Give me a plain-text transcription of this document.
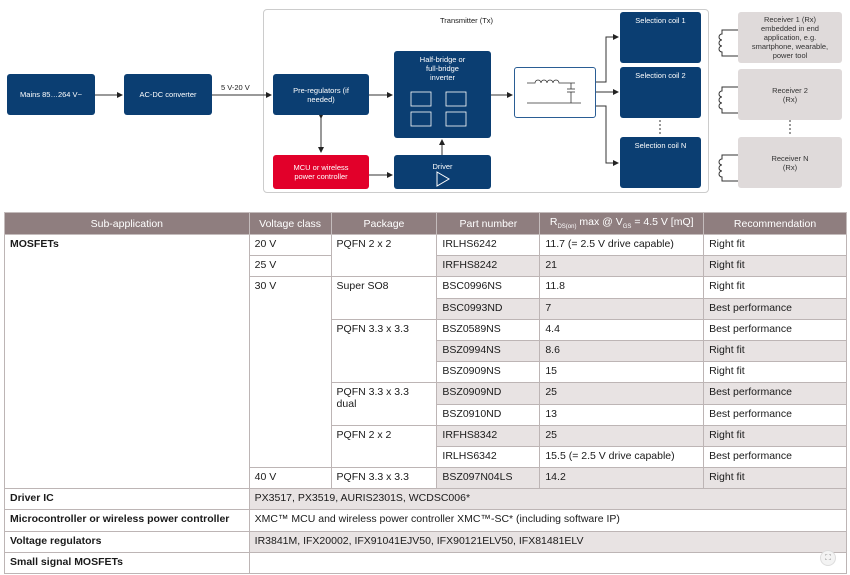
Transmitter (Tx)
5 V-20 V
Mains 85…264 V~	AC-DC converter	Pre-regulators (if needed)
Half-bridge or full-bridge inverter
MCU or wireless power controller
Driver
Selection coil 1
Selection coil 2
Selection coil N
Receiver 1 (Rx) embedded in end application, e.g. smartphone, wearable, power tool
Receiver 2 (Rx)
Receiver N (Rx)
Sub-application	Voltage class	Package	Part number	$R_{DS(on)}$ max @ $V_{GS} = 4.5$ V [mQ]	Recommendation
MOSFETs	20 V	PQFN 2 x 2	IRLHS6242	11.7 (= 2.5 V drive capable)	Right fit
	25 V		IRFHS8242	21	Right fit
	30 V	Super SO8	BSC0996NS	11.8	Right fit
			BSC0993ND	7	Best performance
		PQFN 3.3 x 3.3	BSZ0589NS	4.4	Best performance
			BSZ0994NS	8.6	Right fit
			BSZ0909NS	15	Right fit
		PQFN 3.3 x 3.3 dual	BSZ0909ND	25	Best performance
			BSZ0910ND	13	Best performance
		PQFN 2 x 2	IRFHS8342	25	Right fit
			IRLHS6342	15.5 (= 2.5 V drive capable)	Best performance
	40 V	PQFN 3.3 x 3.3	BSZ097N04LS	14.2	Right fit
Driver IC	PX3517, PX3519, AURIS2301S, WCDSC006*				
Microcontroller or wireless power controller	XMC™ MCU and wireless power controller XMC™-SC* (including software IP)				
Voltage regulators	IR3841M, IFX20002, IFX91041EJV50, IFX90121ELV50, IFX81481ELV				
Small signal MOSFETs						⛶
